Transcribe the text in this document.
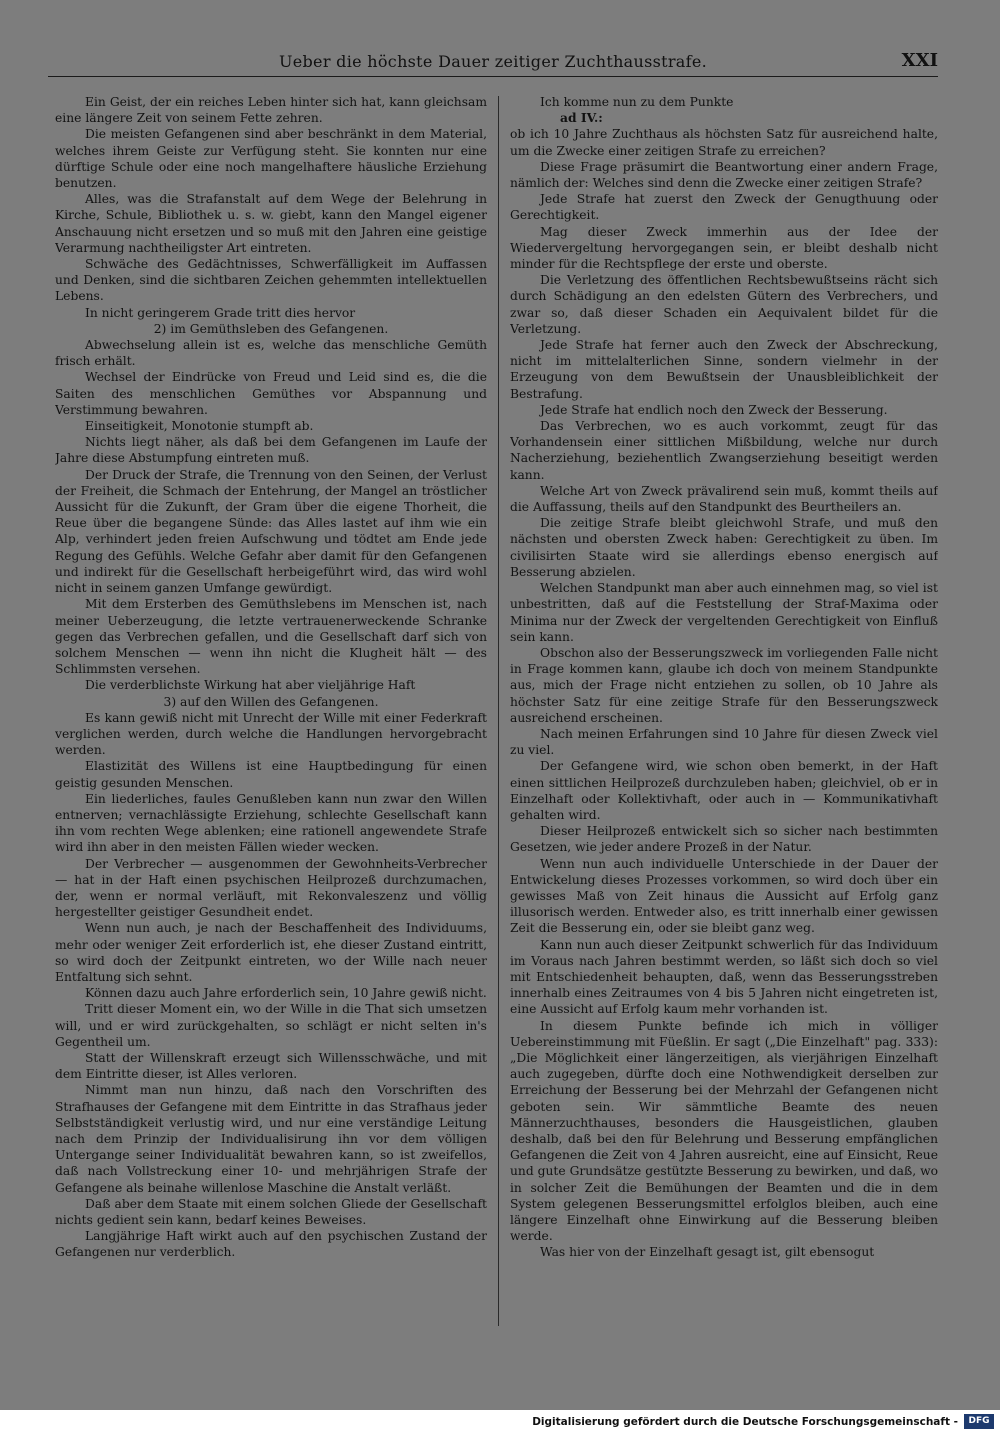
Ueber die höchste Dauer zeitiger Zuchthausstrafe.	XXI

Ein Geist, der ein reiches Leben hinter sich hat, kann gleichsam eine längere Zeit von seinem Fette zehren.

Die meisten Gefangenen sind aber beschränkt in dem Material, welches ihrem Geiste zur Verfügung steht. Sie konnten nur eine dürftige Schule oder eine noch mangelhaftere häusliche Erziehung benutzen.

Alles, was die Strafanstalt auf dem Wege der Belehrung in Kirche, Schule, Bibliothek u. s. w. giebt, kann den Mangel eigener Anschauung nicht ersetzen und so muß mit den Jahren eine geistige Verarmung nachtheiligster Art eintreten.

Schwäche des Gedächtnisses, Schwerfälligkeit im Auffassen und Denken, sind die sichtbaren Zeichen gehemmten intellektuellen Lebens.

In nicht geringerem Grade tritt dies hervor

2) im Gemüthsleben des Gefangenen.

Abwechselung allein ist es, welche das menschliche Gemüth frisch erhält.

Wechsel der Eindrücke von Freud und Leid sind es, die die Saiten des menschlichen Gemüthes vor Abspannung und Verstimmung bewahren.

Einseitigkeit, Monotonie stumpft ab.

Nichts liegt näher, als daß bei dem Gefangenen im Laufe der Jahre diese Abstumpfung eintreten muß.

Der Druck der Strafe, die Trennung von den Seinen, der Verlust der Freiheit, die Schmach der Entehrung, der Mangel an tröstlicher Aussicht für die Zukunft, der Gram über die eigene Thorheit, die Reue über die begangene Sünde: das Alles lastet auf ihm wie ein Alp, verhindert jeden freien Aufschwung und tödtet am Ende jede Regung des Gefühls. Welche Gefahr aber damit für den Gefangenen und indirekt für die Gesellschaft herbeigeführt wird, das wird wohl nicht in seinem ganzen Umfange gewürdigt.

Mit dem Ersterben des Gemüthslebens im Menschen ist, nach meiner Ueberzeugung, die letzte vertrauenerweckende Schranke gegen das Verbrechen gefallen, und die Gesellschaft darf sich von solchem Menschen — wenn ihn nicht die Klugheit hält — des Schlimmsten versehen.

Die verderblichste Wirkung hat aber vieljährige Haft

3) auf den Willen des Gefangenen.

Es kann gewiß nicht mit Unrecht der Wille mit einer Federkraft verglichen werden, durch welche die Handlungen hervorgebracht werden.

Elastizität des Willens ist eine Hauptbedingung für einen geistig gesunden Menschen.

Ein liederliches, faules Genußleben kann nun zwar den Willen entnerven; vernachlässigte Erziehung, schlechte Gesellschaft kann ihn vom rechten Wege ablenken; eine rationell angewendete Strafe wird ihn aber in den meisten Fällen wieder wecken.

Der Verbrecher — ausgenommen der Gewohnheits-Verbrecher — hat in der Haft einen psychischen Heilprozeß durchzumachen, der, wenn er normal verläuft, mit Rekonvaleszenz und völlig hergestellter geistiger Gesundheit endet.

Wenn nun auch, je nach der Beschaffenheit des Individuums, mehr oder weniger Zeit erforderlich ist, ehe dieser Zustand eintritt, so wird doch der Zeitpunkt eintreten, wo der Wille nach neuer Entfaltung sich sehnt.

Können dazu auch Jahre erforderlich sein, 10 Jahre gewiß nicht.

Tritt dieser Moment ein, wo der Wille in die That sich umsetzen will, und er wird zurückgehalten, so schlägt er nicht selten in's Gegentheil um.

Statt der Willenskraft erzeugt sich Willensschwäche, und mit dem Eintritte dieser, ist Alles verloren.

Nimmt man nun hinzu, daß nach den Vorschriften des Strafhauses der Gefangene mit dem Eintritte in das Strafhaus jeder Selbstständigkeit verlustig wird, und nur eine verständige Leitung nach dem Prinzip der Individualisirung ihn vor dem völligen Untergange seiner Individualität bewahren kann, so ist zweifellos, daß nach Vollstreckung einer 10- und mehrjährigen Strafe der Gefangene als beinahe willenlose Maschine die Anstalt verläßt.

Daß aber dem Staate mit einem solchen Gliede der Gesellschaft nichts gedient sein kann, bedarf keines Beweises.

Langjährige Haft wirkt auch auf den psychischen Zustand der Gefangenen nur verderblich.

Ich komme nun zu dem Punkte

ad IV.:

ob ich 10 Jahre Zuchthaus als höchsten Satz für ausreichend halte, um die Zwecke einer zeitigen Strafe zu erreichen?

Diese Frage präsumirt die Beantwortung einer andern Frage, nämlich der: Welches sind denn die Zwecke einer zeitigen Strafe?

Jede Strafe hat zuerst den Zweck der Genugthuung oder Gerechtigkeit.

Mag dieser Zweck immerhin aus der Idee der Wiedervergeltung hervorgegangen sein, er bleibt deshalb nicht minder für die Rechtspflege der erste und oberste.

Die Verletzung des öffentlichen Rechtsbewußtseins rächt sich durch Schädigung an den edelsten Gütern des Verbrechers, und zwar so, daß dieser Schaden ein Aequivalent bildet für die Verletzung.

Jede Strafe hat ferner auch den Zweck der Abschreckung, nicht im mittelalterlichen Sinne, sondern vielmehr in der Erzeugung von dem Bewußtsein der Unausbleiblichkeit der Bestrafung.

Jede Strafe hat endlich noch den Zweck der Besserung.

Das Verbrechen, wo es auch vorkommt, zeugt für das Vorhandensein einer sittlichen Mißbildung, welche nur durch Nacherziehung, beziehentlich Zwangserziehung beseitigt werden kann.

Welche Art von Zweck prävalirend sein muß, kommt theils auf die Auffassung, theils auf den Standpunkt des Beurtheilers an.

Die zeitige Strafe bleibt gleichwohl Strafe, und muß den nächsten und obersten Zweck haben: Gerechtigkeit zu üben. Im civilisirten Staate wird sie allerdings ebenso energisch auf Besserung abzielen.

Welchen Standpunkt man aber auch einnehmen mag, so viel ist unbestritten, daß auf die Feststellung der Straf-Maxima oder Minima nur der Zweck der vergeltenden Gerechtigkeit von Einfluß sein kann.

Obschon also der Besserungszweck im vorliegenden Falle nicht in Frage kommen kann, glaube ich doch von meinem Standpunkte aus, mich der Frage nicht entziehen zu sollen, ob 10 Jahre als höchster Satz für eine zeitige Strafe für den Besserungszweck ausreichend erscheinen.

Nach meinen Erfahrungen sind 10 Jahre für diesen Zweck viel zu viel.

Der Gefangene wird, wie schon oben bemerkt, in der Haft einen sittlichen Heilprozeß durchzuleben haben; gleichviel, ob er in Einzelhaft oder Kollektivhaft, oder auch in — Kommunikativhaft gehalten wird.

Dieser Heilprozeß entwickelt sich so sicher nach bestimmten Gesetzen, wie jeder andere Prozeß in der Natur.

Wenn nun auch individuelle Unterschiede in der Dauer der Entwickelung dieses Prozesses vorkommen, so wird doch über ein gewisses Maß von Zeit hinaus die Aussicht auf Erfolg ganz illusorisch werden. Entweder also, es tritt innerhalb einer gewissen Zeit die Besserung ein, oder sie bleibt ganz weg.

Kann nun auch dieser Zeitpunkt schwerlich für das Individuum im Voraus nach Jahren bestimmt werden, so läßt sich doch so viel mit Entschiedenheit behaupten, daß, wenn das Besserungsstreben innerhalb eines Zeitraumes von 4 bis 5 Jahren nicht eingetreten ist, eine Aussicht auf Erfolg kaum mehr vorhanden ist.

In diesem Punkte befinde ich mich in völliger Uebereinstimmung mit Füeßlin. Er sagt („Die Einzelhaft" pag. 333): „Die Möglichkeit einer längerzeitigen, als vierjährigen Einzelhaft auch zugegeben, dürfte doch eine Nothwendigkeit derselben zur Erreichung der Besserung bei der Mehrzahl der Gefangenen nicht geboten sein. Wir sämmtliche Beamte des neuen Männerzuchthauses, besonders die Hausgeistlichen, glauben deshalb, daß bei den für Belehrung und Besserung empfänglichen Gefangenen die Zeit von 4 Jahren ausreicht, eine auf Einsicht, Reue und gute Grundsätze gestützte Besserung zu bewirken, und daß, wo in solcher Zeit die Bemühungen der Beamten und die in dem System gelegenen Besserungsmittel erfolglos bleiben, auch eine längere Einzelhaft ohne Einwirkung auf die Besserung bleiben werde.

Was hier von der Einzelhaft gesagt ist, gilt ebensogut

Digitalisierung gefördert durch die Deutsche Forschungsgemeinschaft -	DFG
